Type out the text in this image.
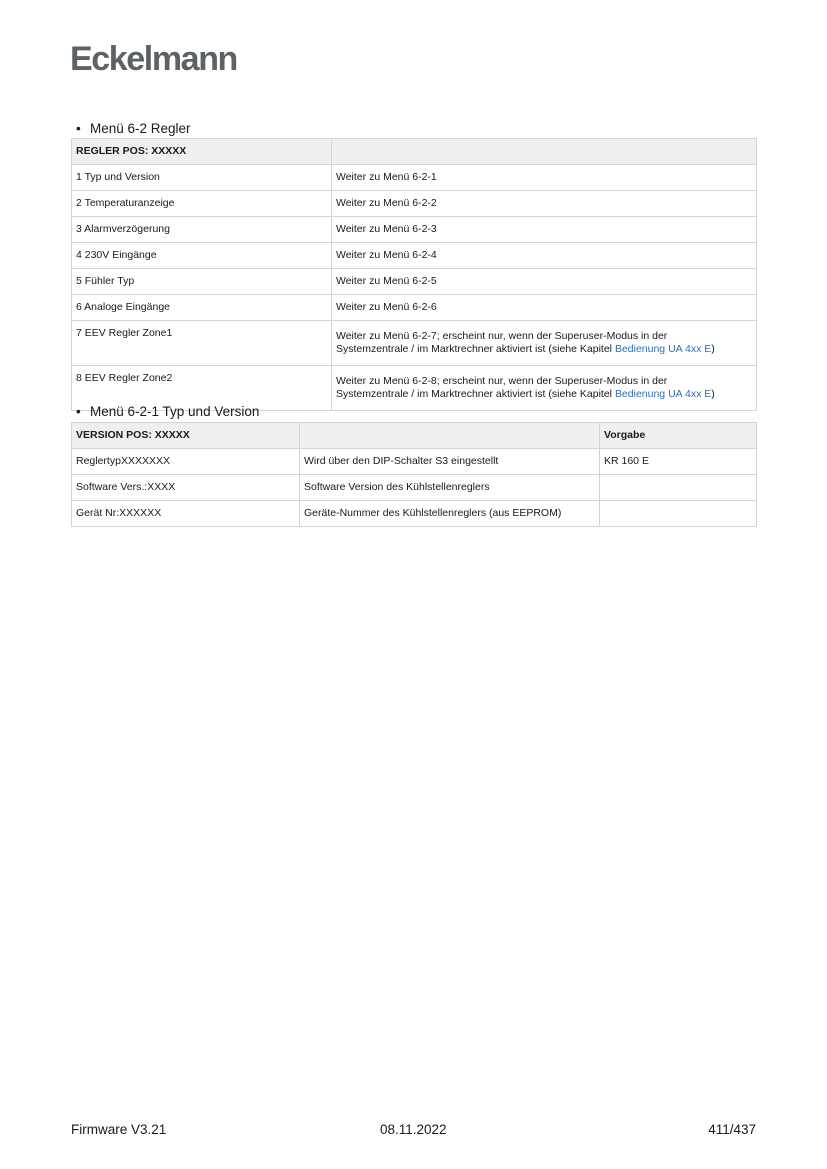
Eckelmann
• Menü 6-2 Regler
REGLER POS: XXXXX	
1 Typ und Version	Weiter zu Menü 6-2-1
2 Temperaturanzeige	Weiter zu Menü 6-2-2
3 Alarmverzögerung	Weiter zu Menü 6-2-3
4 230V Eingänge	Weiter zu Menü 6-2-4
5 Fühler Typ	Weiter zu Menü 6-2-5
6 Analoge Eingänge	Weiter zu Menü 6-2-6
7 EEV Regler Zone1	Weiter zu Menü 6-2-7; erscheint nur, wenn der Superuser-Modus in der
Systemzentrale / im Marktrechner aktiviert ist (siehe Kapitel Bedienung UA 4xx E)
8 EEV Regler Zone2	Weiter zu Menü 6-2-8; erscheint nur, wenn der Superuser-Modus in der
Systemzentrale / im Marktrechner aktiviert ist (siehe Kapitel Bedienung UA 4xx E)
• Menü 6-2-1 Typ und Version
VERSION POS: XXXXX		Vorgabe
ReglertypXXXXXXX	Wird über den DIP-Schalter S3 eingestellt	KR 160 E
Software Vers.:XXXX	Software Version des Kühlstellenreglers	
Gerät Nr:XXXXXX	Geräte-Nummer des Kühlstellenreglers (aus EEPROM)	
Firmware V3.21	08.11.2022	411/437
